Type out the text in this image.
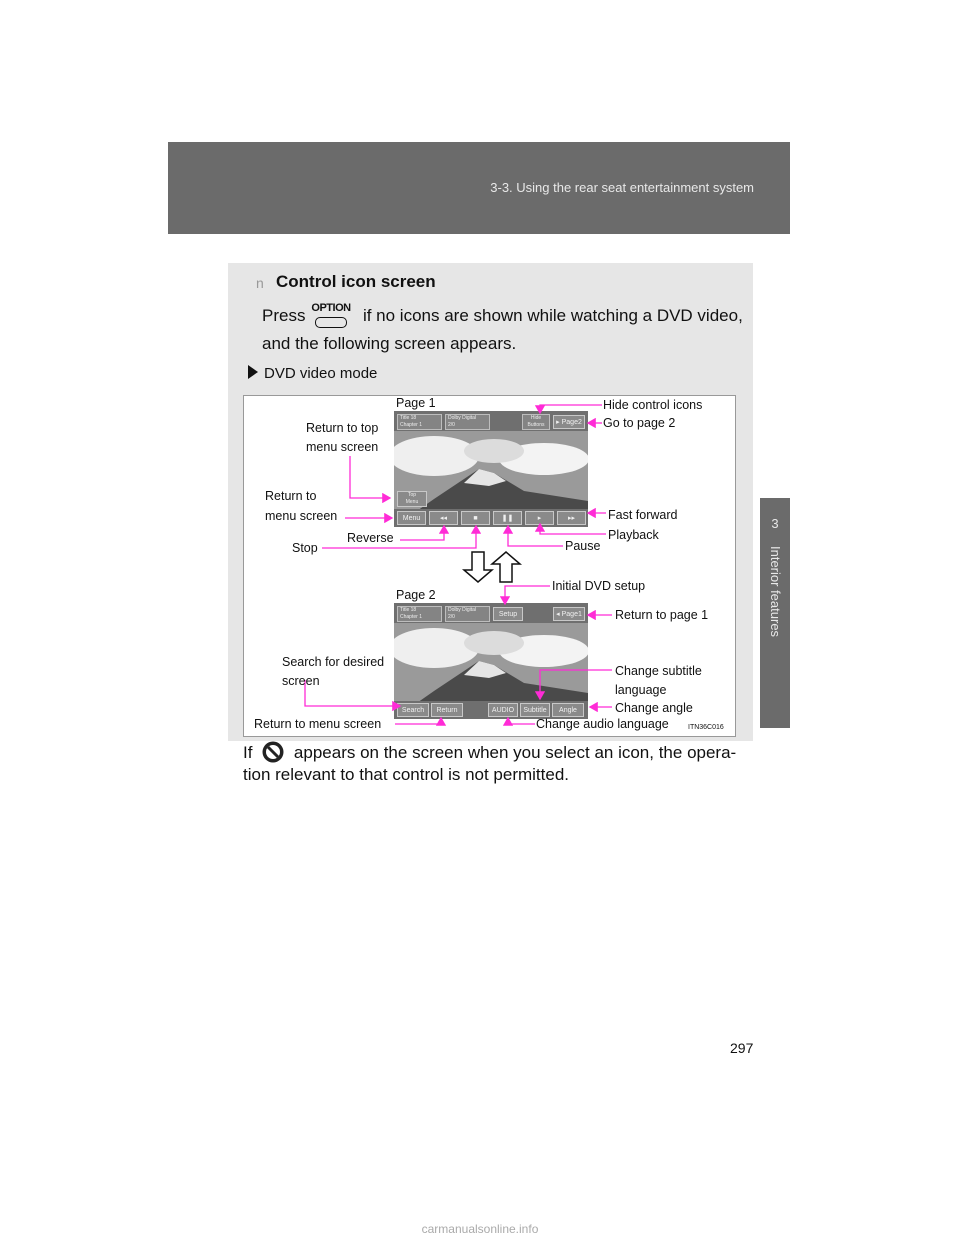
3-3. Using the rear seat entertainment system
3
Interior features
n Control icon screen
Press	if no icons are shown while watching a DVD video,
OPTION
and the following screen appears.
DVD video mode
Title 18
Chapter 1
Dolby Digital
2/0
Hide
Buttons	▸ Page2
Top
Menu
Menu	◂◂	■	❚❚	▸	▸▸
Title 18
Chapter 1
Dolby Digital
2/0	Setup	◂ Page1
Search	Return	AUDIO	Subtitle	Angle
Page 1	Hide control icons
Go to page 2
Return to top
menu screen
Return to
menu screen	Fast forward
Playback
Reverse
Stop	Pause
Initial DVD setup
Page 2
Return to page 1
Search for desired
screen
Change subtitle
language
Change angle
Return to menu screen	Change audio language	ITN36C016
If appears on the screen when you select an icon, the opera-
tion relevant to that control is not permitted.
297
carmanualsonline.info
